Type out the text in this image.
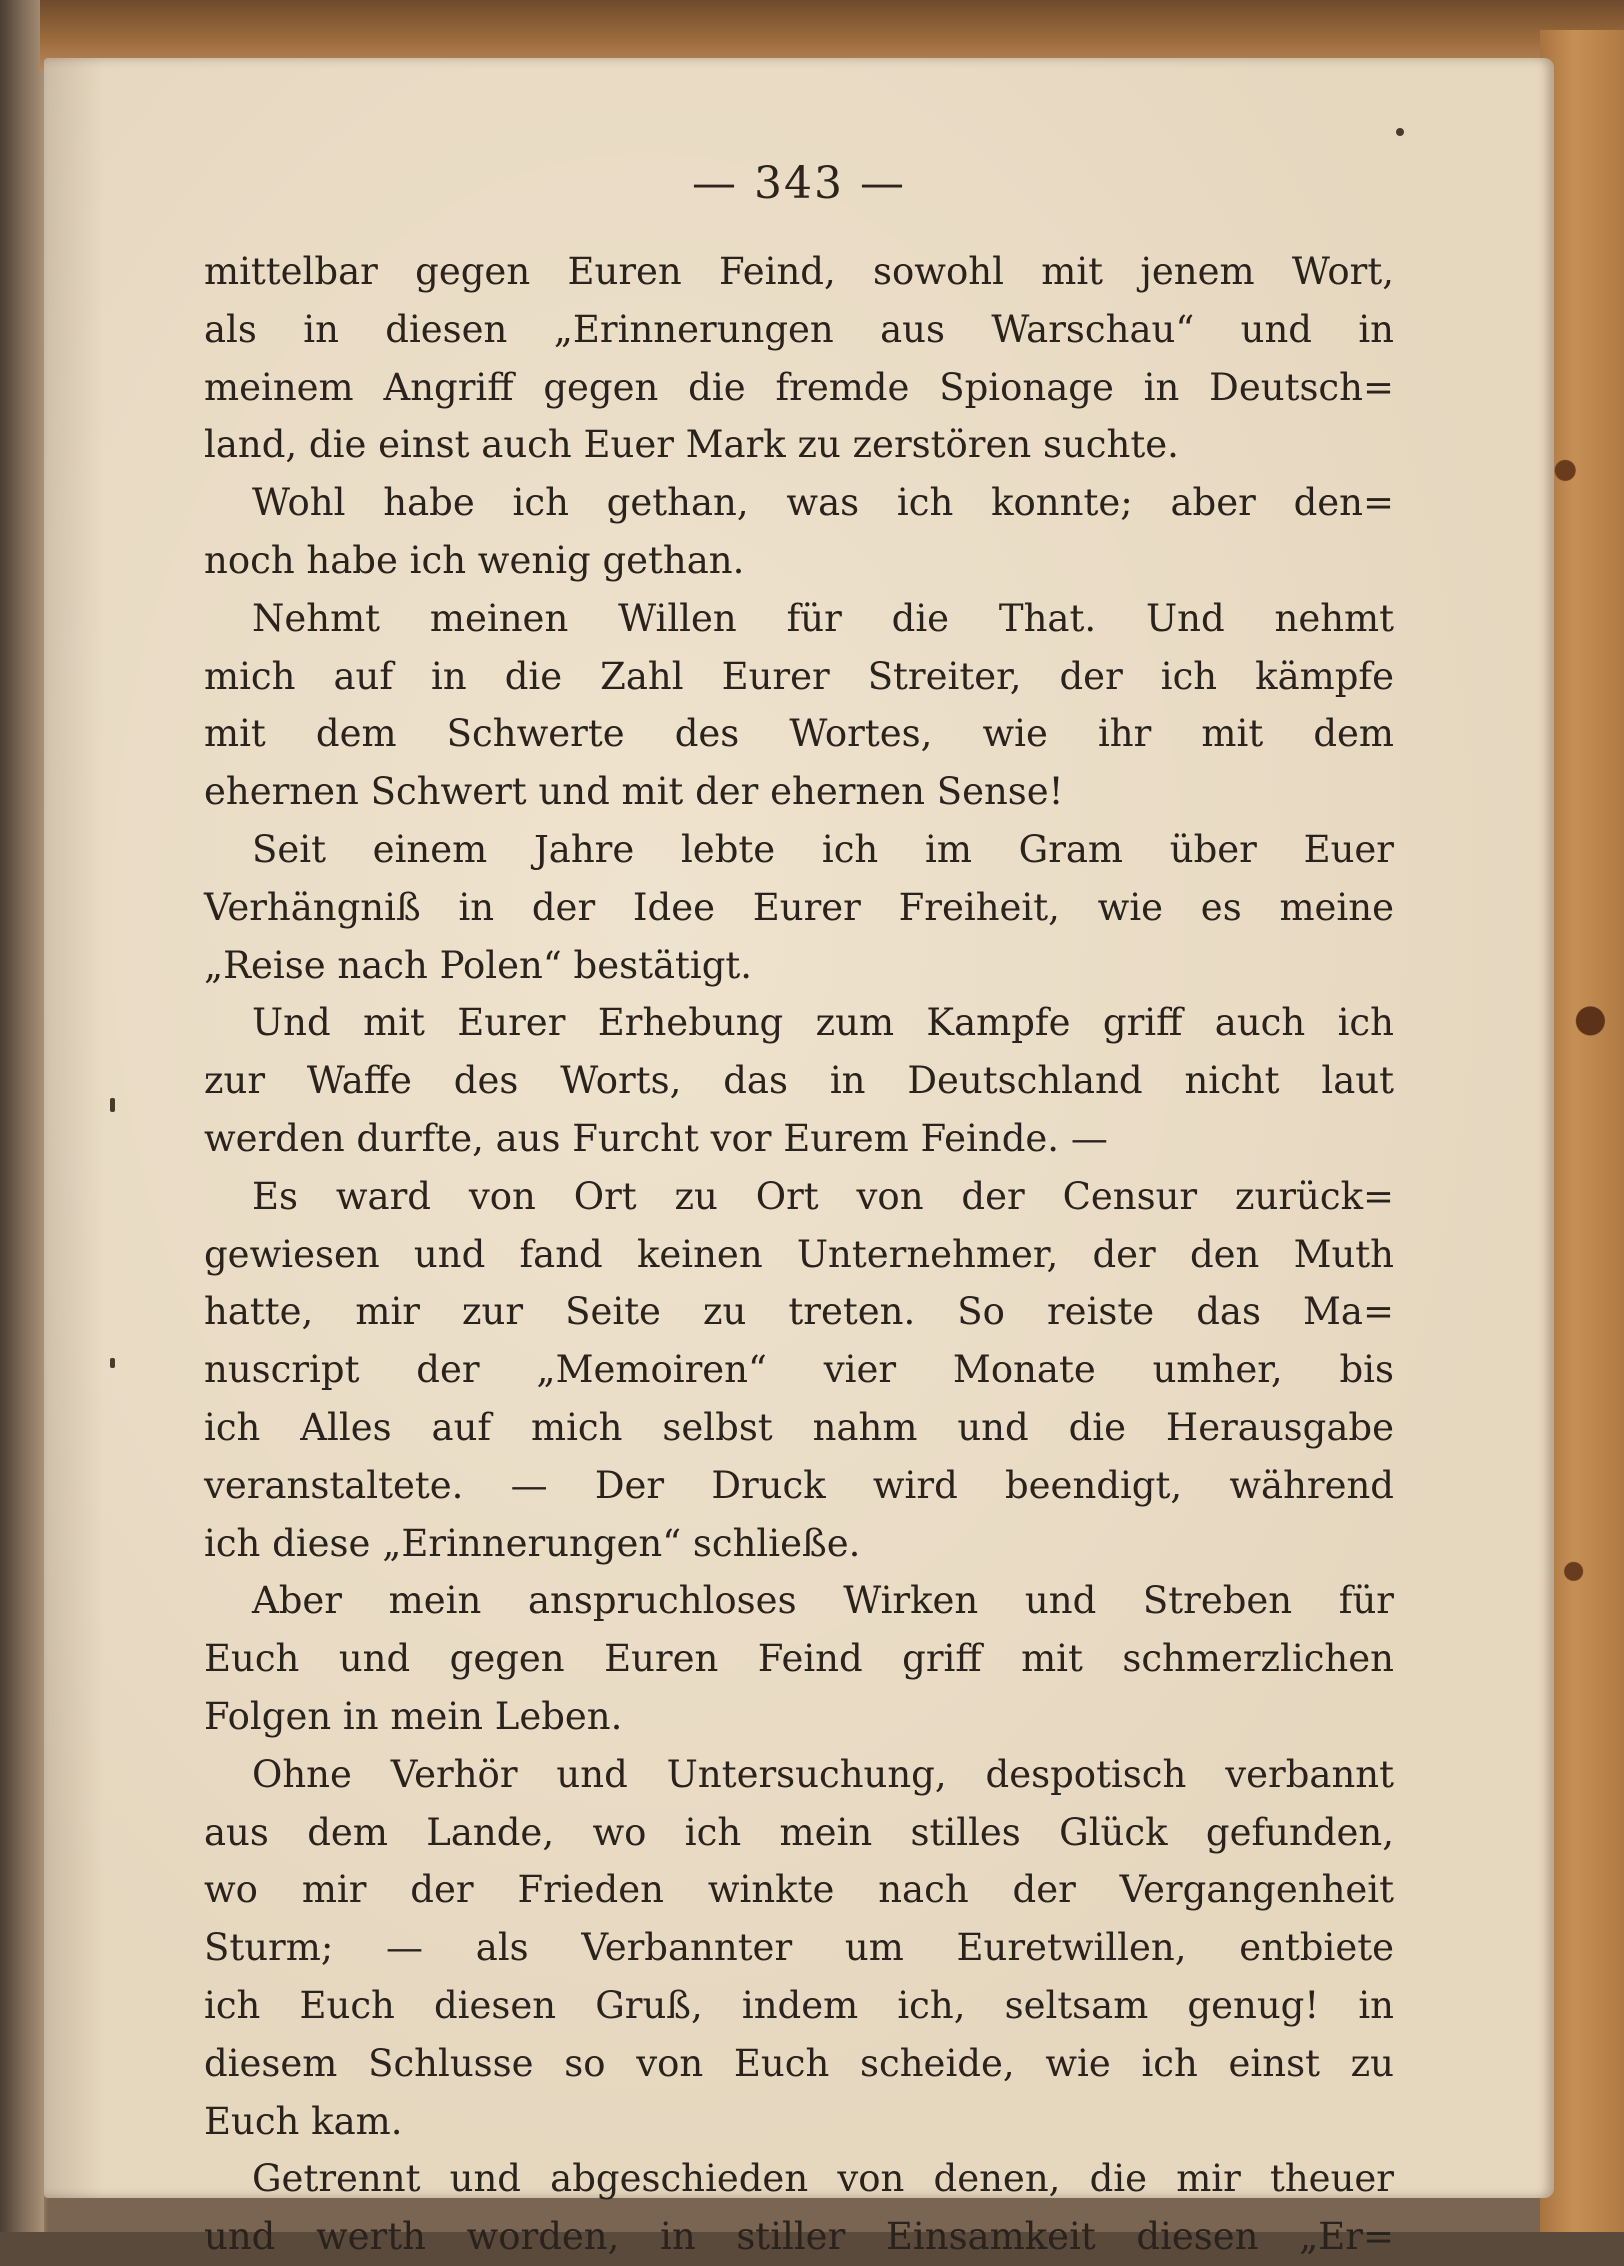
— 343 —
mittelbar gegen Euren Feind, sowohl mit jenem Wort,
als in diesen „Erinnerungen aus Warschau“ und in
meinem Angriff gegen die fremde Spionage in Deutsch=
land, die einst auch Euer Mark zu zerstören suchte.
Wohl habe ich gethan, was ich konnte; aber den=
noch habe ich wenig gethan.
Nehmt meinen Willen für die That. Und nehmt
mich auf in die Zahl Eurer Streiter, der ich kämpfe
mit dem Schwerte des Wortes, wie ihr mit dem
ehernen Schwert und mit der ehernen Sense!
Seit einem Jahre lebte ich im Gram über Euer
Verhängniß in der Idee Eurer Freiheit, wie es meine
„Reise nach Polen“ bestätigt.
Und mit Eurer Erhebung zum Kampfe griff auch ich
zur Waffe des Worts, das in Deutschland nicht laut
werden durfte, aus Furcht vor Eurem Feinde. —
Es ward von Ort zu Ort von der Censur zurück=
gewiesen und fand keinen Unternehmer, der den Muth
hatte, mir zur Seite zu treten. So reiste das Ma=
nuscript der „Memoiren“ vier Monate umher, bis
ich Alles auf mich selbst nahm und die Herausgabe
veranstaltete. — Der Druck wird beendigt, während
ich diese „Erinnerungen“ schließe.
Aber mein anspruchloses Wirken und Streben für
Euch und gegen Euren Feind griff mit schmerzlichen
Folgen in mein Leben.
Ohne Verhör und Untersuchung, despotisch verbannt
aus dem Lande, wo ich mein stilles Glück gefunden,
wo mir der Frieden winkte nach der Vergangenheit
Sturm; — als Verbannter um Euretwillen, entbiete
ich Euch diesen Gruß, indem ich, seltsam genug! in
diesem Schlusse so von Euch scheide, wie ich einst zu
Euch kam.
Getrennt und abgeschieden von denen, die mir theuer
und werth worden, in stiller Einsamkeit diesen „Er=
